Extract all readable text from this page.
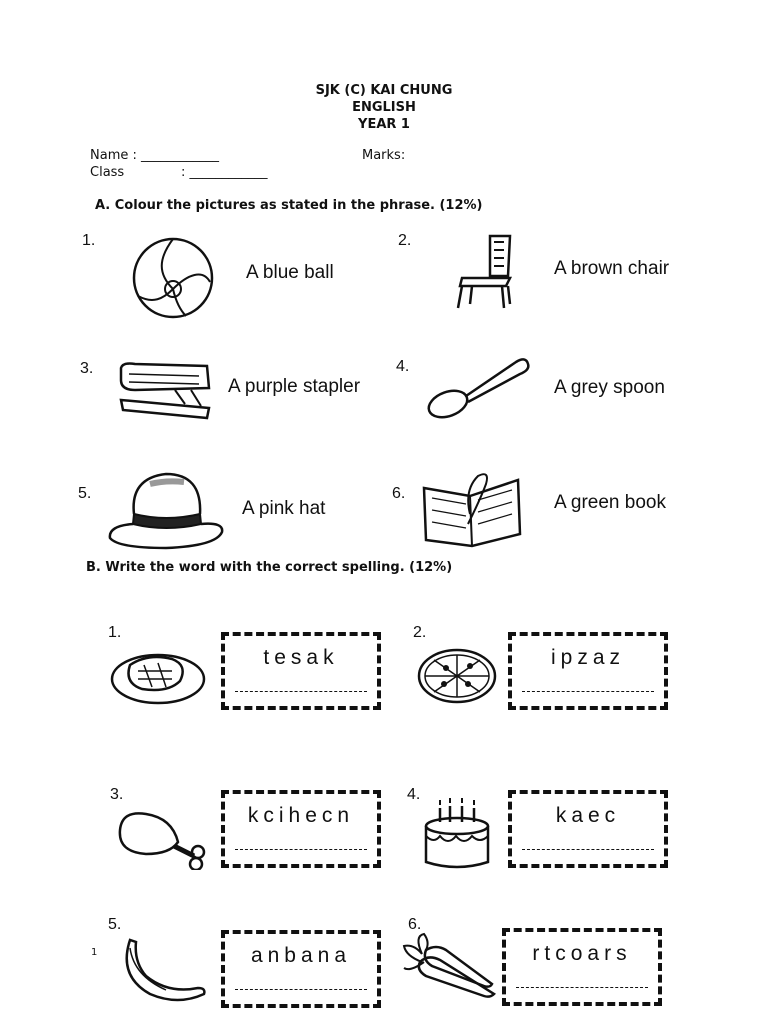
SJK (C) KAI CHUNG
ENGLISH
YEAR 1
Name : ____________	Marks:
Class	: ____________
A. Colour the pictures as stated in the phrase. (12%)
1.
A blue ball
2.
A brown chair
3.
A purple stapler
4.
A grey spoon
5.
A pink hat
6.	A green book
B. Write the word with the correct spelling. (12%)
1.
tesak
2.
ipzaz
3.
kcihecn
4.
kaec
5.
1	anbana
6.
rtcoars
